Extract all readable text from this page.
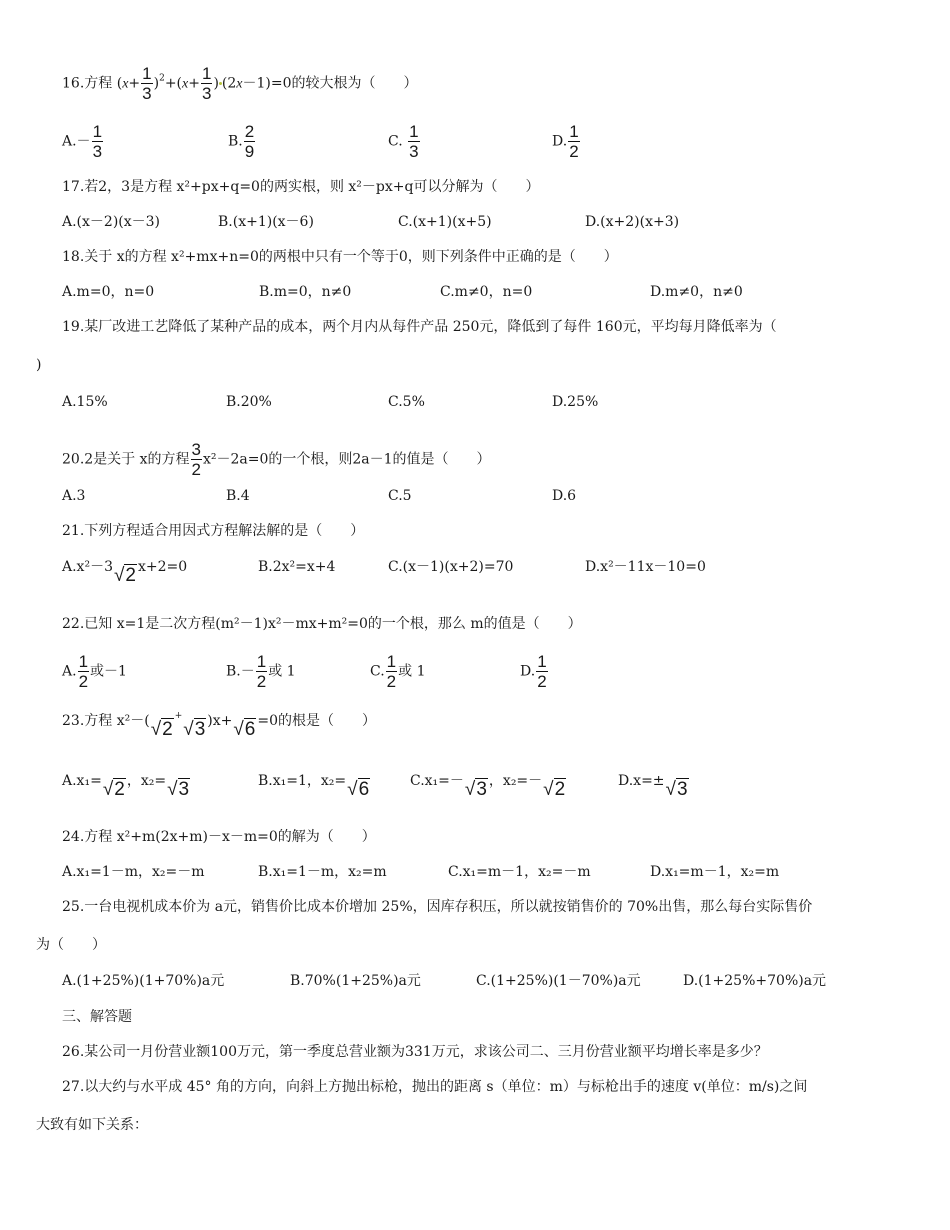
16.方程 $(x+ \frac{1}{3} )^2+(x+ \frac{1}{3}$ ) (2x－1)=0的较大根为（　　）
$A.- \frac{1}{3}$	B. $\frac{2}{9}$	C. $\frac{1}{3}$	D. $\frac{1}{2}$
17.若2，3是方程 x²+px+q=0的两实根，则 x²－px+q可以分解为（　　）
A.(x－2)(x－3)	B.(x+1)(x－6)	C.(x+1)(x+5)	D.(x+2)(x+3)
18.关于 x的方程 x²+mx+n=0的两根中只有一个等于0，则下列条件中正确的是（　　）
A.m=0，n=0	B.m=0，n≠0	C.m≠0，n=0	D.m≠0，n≠0
19.某厂改进工艺降低了某种产品的成本，两个月内从每件产品 250元，降低到了每件 160元，平均每月降低率为（
)
A.15%	B.20%	C.5%	D.25%
20.2是关于 x的方程 $\frac{3}{2} x^2-2a=0$的一个根，则2a－1的值是（　　）
A.3	B.4	C.5	D.6
21.下列方程适合用因式方程解法解的是（　　）
A.x²－3√2 x+2=0	B.2x²=x+4	C.(x－1)(x+2)=70	D.x²－11x－10=0
22.已知 x=1是二次方程(m²－1)x²－mx+m²=0的一个根，那么 m的值是（　　）
A. $\frac{1}{2}$ 或－1	$B.- \frac{1}{2}$ 或 1	C. $\frac{1}{2}$ 或 1	D. $\frac{1}{2}$
23.方程 x²－(√2+√3 )x+√6 =0的根是（　　）
A.x₁=√2 ，x₂=√3	B.x₁=1，x₂=√6	C.x₁=－√3 ，x₂=－√2	D.x=±√3
24.方程 x²+m(2x+m)－x－m=0的解为（　　）
A.x₁=1－m，x₂=－m	B.x₁=1－m，x₂=m	C.x₁=m－1，x₂=－m	D.x₁=m－1，x₂=m
25.一台电视机成本价为 a元，销售价比成本价增加 25%，因库存积压，所以就按销售价的 70%出售，那么每台实际售价
为（　　）
A.(1+25%)(1+70%)a元	B.70%(1+25%)a元	C.(1+25%)(1－70%)a元	D.(1+25%+70%)a元
三、解答题
26.某公司一月份营业额100万元，第一季度总营业额为331万元，求该公司二、三月份营业额平均增长率是多少？
27.以大约与水平成 45° 角的方向，向斜上方抛出标枪，抛出的距离 s（单位：m）与标枪出手的速度 v(单位：m/s)之间
大致有如下关系：
